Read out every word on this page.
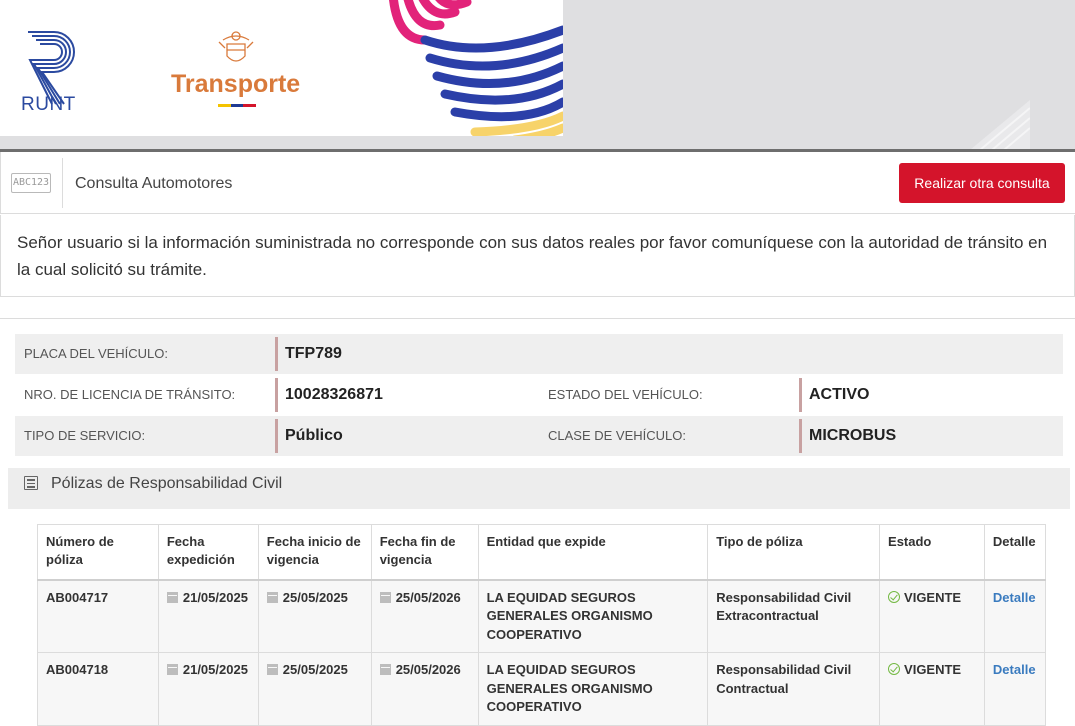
RUNT
Transporte
ABC123 Consulta Automotores	Realizar otra consulta
Señor usuario si la información suministrada no corresponde con sus datos reales por favor comuníquese con la autoridad de tránsito en la cual solicitó su trámite.
PLACA DEL VEHÍCULO:	TFP789
NRO. DE LICENCIA DE TRÁNSITO:	10028326871	ESTADO DEL VEHÍCULO:	ACTIVO
TIPO DE SERVICIO:	Público	CLASE DE VEHÍCULO:	MICROBUS
Pólizas de Responsabilidad Civil
Número de póliza	Fecha expedición	Fecha inicio de vigencia	Fecha fin de vigencia	Entidad que expide	Tipo de póliza	Estado	Detalle
AB004717	21/05/2025	25/05/2025	25/05/2026	LA EQUIDAD SEGUROS GENERALES ORGANISMO COOPERATIVO	Responsabilidad Civil Extracontractual	VIGENTE	Detalle
AB004718	21/05/2025	25/05/2025	25/05/2026	LA EQUIDAD SEGUROS GENERALES ORGANISMO COOPERATIVO	Responsabilidad Civil Contractual	VIGENTE	Detalle
